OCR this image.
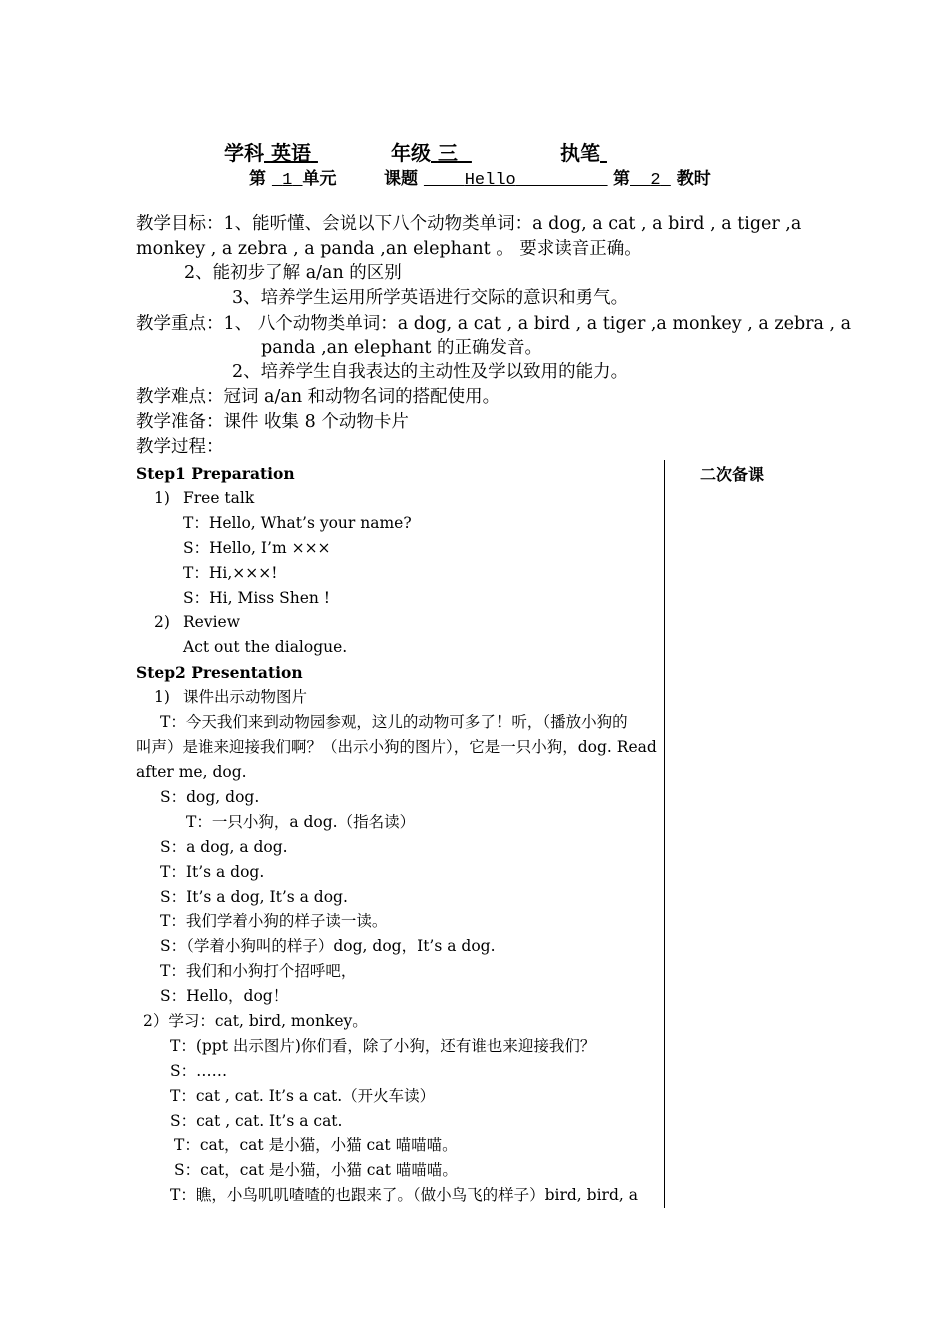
学科 英语	年级 三	执笔
第 1 单元	课题	Hello	第 2 教时
教学目标：1、能听懂、会说以下八个动物类单词：a dog, a cat , a bird , a tiger ,a
monkey , a zebra , a panda ,an elephant 。 要求读音正确。
2、能初步了解 a/an 的区别
3、培养学生运用所学英语进行交际的意识和勇气。
教学重点：1、 八个动物类单词：a dog, a cat , a bird , a tiger ,a monkey , a zebra , a
panda ,an elephant 的正确发音。
2、培养学生自我表达的主动性及学以致用的能力。
教学难点：冠词 a/an 和动物名词的搭配使用。
教学准备：课件 收集 8 个动物卡片
教学过程：
二次备课
Step1 Preparation
1) Free talk
T：Hello, What’s your name?
S：Hello, I’m ×××
T：Hi,×××!
S：Hi, Miss Shen !
2) Review
Act out the dialogue.
Step2 Presentation
1) 课件出示动物图片
T：今天我们来到动物园参观，这儿的动物可多了！听，（播放小狗的
叫声）是谁来迎接我们啊？（出示小狗的图片），它是一只小狗，dog. Read
after me, dog.
S：dog, dog.
T：一只小狗，a dog.（指名读）
S：a dog, a dog.
T：It’s a dog.
S：It’s a dog, It’s a dog.
T：我们学着小狗的样子读一读。
S：（学着小狗叫的样子）dog, dog，It’s a dog.
T：我们和小狗打个招呼吧，
S：Hello，dog！
2）学习：cat, bird, monkey。
T：(ppt 出示图片)你们看，除了小狗，还有谁也来迎接我们？
S：……
T：cat , cat. It’s a cat.（开火车读）
S：cat , cat. It’s a cat.
T：cat，cat 是小猫，小猫 cat 喵喵喵。
S：cat，cat 是小猫，小猫 cat 喵喵喵。
T：瞧，小鸟叽叽喳喳的也跟来了。（做小鸟飞的样子）bird, bird, a
